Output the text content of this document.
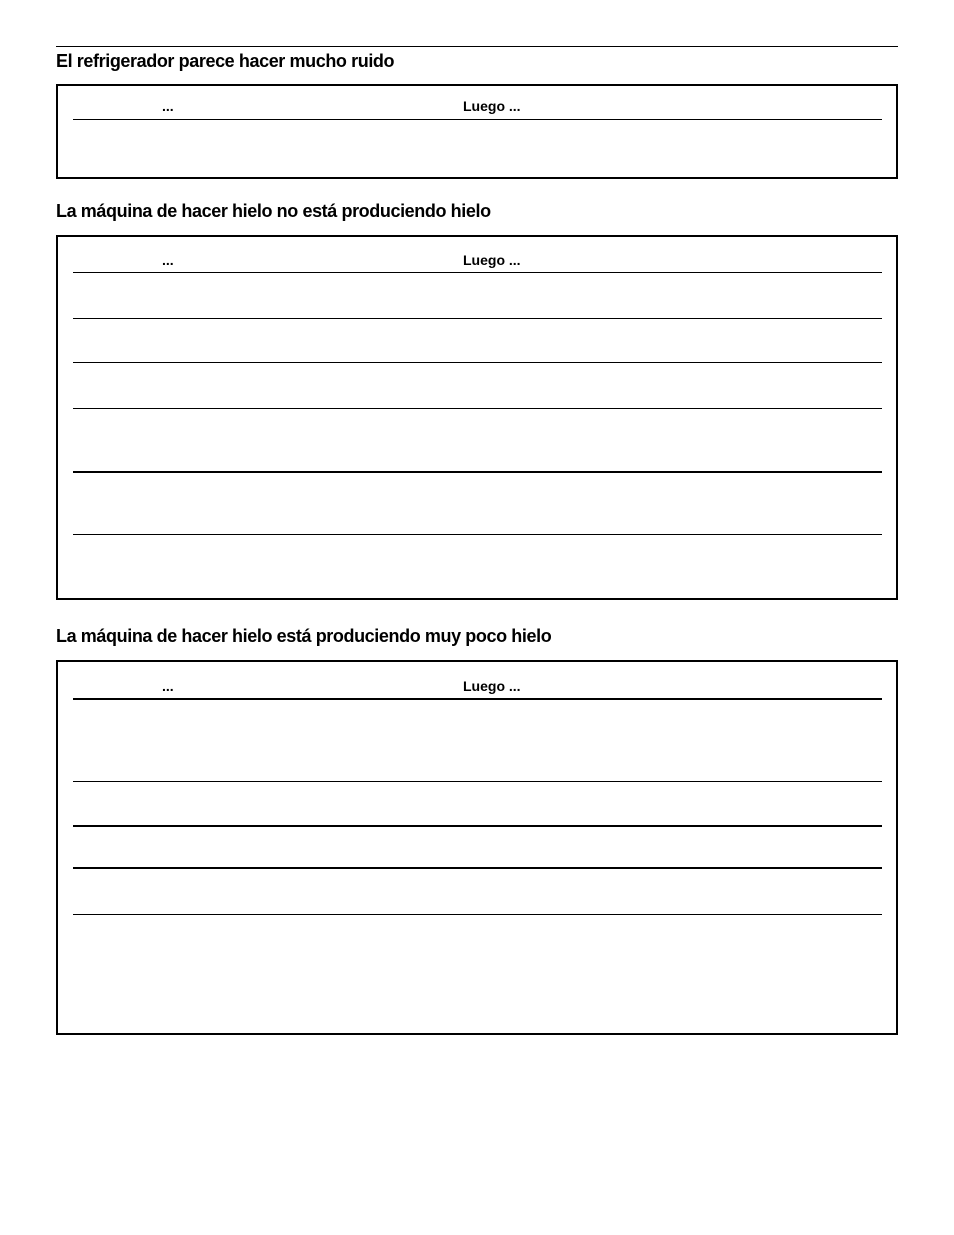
El refrigerador parece hacer mucho ruido
...	Luego ...
La máquina de hacer hielo no está produciendo hielo
...	Luego ...
La máquina de hacer hielo está produciendo muy poco hielo
...	Luego ...
